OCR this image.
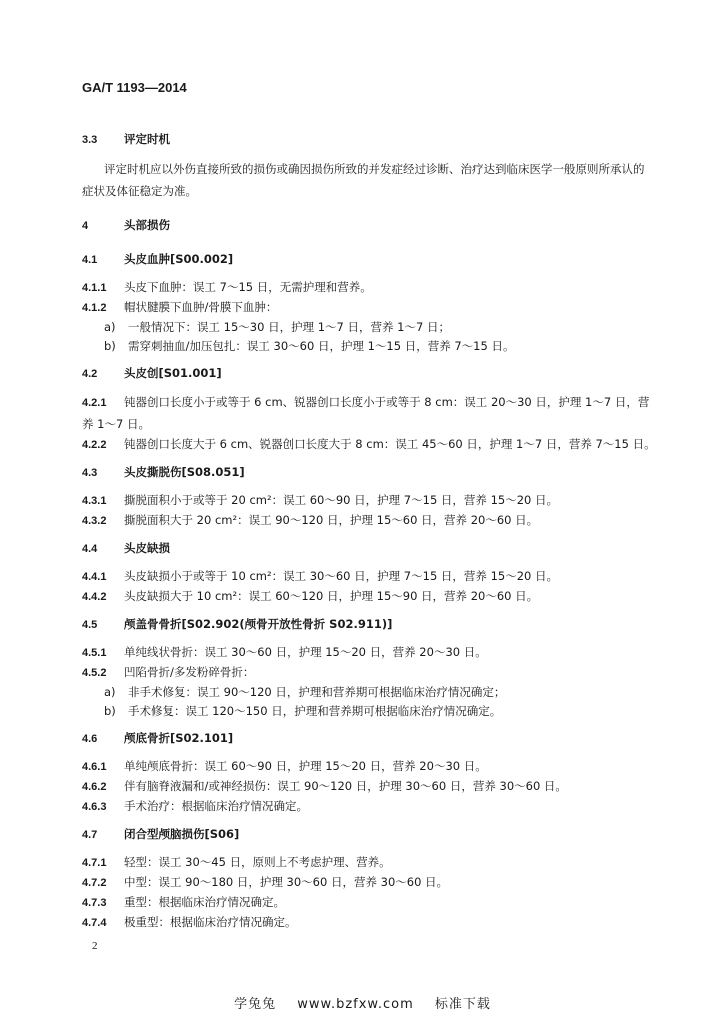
GA/T 1193—2014
3.3 评定时机
评定时机应以外伤直接所致的损伤或确因损伤所致的并发症经过诊断、治疗达到临床医学一般原则所承认的症状及体征稳定为准。
4	头部损伤
4.1 头皮血肿[S00.002]
4.1.1 头皮下血肿：误工 7～15 日，无需护理和营养。
4.1.2 帽状腱膜下血肿/骨膜下血肿：
a) 一般情况下：误工 15～30 日，护理 1～7 日，营养 1～7 日；
b) 需穿刺抽血/加压包扎：误工 30～60 日，护理 1～15 日，营养 7～15 日。
4.2 头皮创[S01.001]
4.2.1 钝器创口长度小于或等于 6 cm、锐器创口长度小于或等于 8 cm：误工 20～30 日，护理 1～7 日，营养 1～7 日。
4.2.2 钝器创口长度大于 6 cm、锐器创口长度大于 8 cm：误工 45～60 日，护理 1～7 日，营养 7～15 日。
4.3 头皮撕脱伤[S08.051]
4.3.1 撕脱面积小于或等于 20 cm²：误工 60～90 日，护理 7～15 日，营养 15～20 日。
4.3.2 撕脱面积大于 20 cm²：误工 90～120 日，护理 15～60 日，营养 20～60 日。
4.4 头皮缺损
4.4.1 头皮缺损小于或等于 10 cm²：误工 30～60 日，护理 7～15 日，营养 15～20 日。
4.4.2 头皮缺损大于 10 cm²：误工 60～120 日，护理 15～90 日，营养 20～60 日。
4.5 颅盖骨骨折[S02.902(颅骨开放性骨折 S02.911)]
4.5.1 单纯线状骨折：误工 30～60 日，护理 15～20 日，营养 20～30 日。
4.5.2 凹陷骨折/多发粉碎骨折：
a) 非手术修复：误工 90～120 日，护理和营养期可根据临床治疗情况确定；
b) 手术修复：误工 120～150 日，护理和营养期可根据临床治疗情况确定。
4.6 颅底骨折[S02.101]
4.6.1 单纯颅底骨折：误工 60～90 日，护理 15～20 日，营养 20～30 日。
4.6.2 伴有脑脊液漏和/或神经损伤：误工 90～120 日，护理 30～60 日，营养 30～60 日。
4.6.3 手术治疗：根据临床治疗情况确定。
4.7 闭合型颅脑损伤[S06]
4.7.1 轻型：误工 30～45 日，原则上不考虑护理、营养。
4.7.2 中型：误工 90～180 日，护理 30～60 日，营养 30～60 日。
4.7.3 重型：根据临床治疗情况确定。
4.7.4 极重型：根据临床治疗情况确定。
2
学兔兔 www.bzfxw.com 标准下载
